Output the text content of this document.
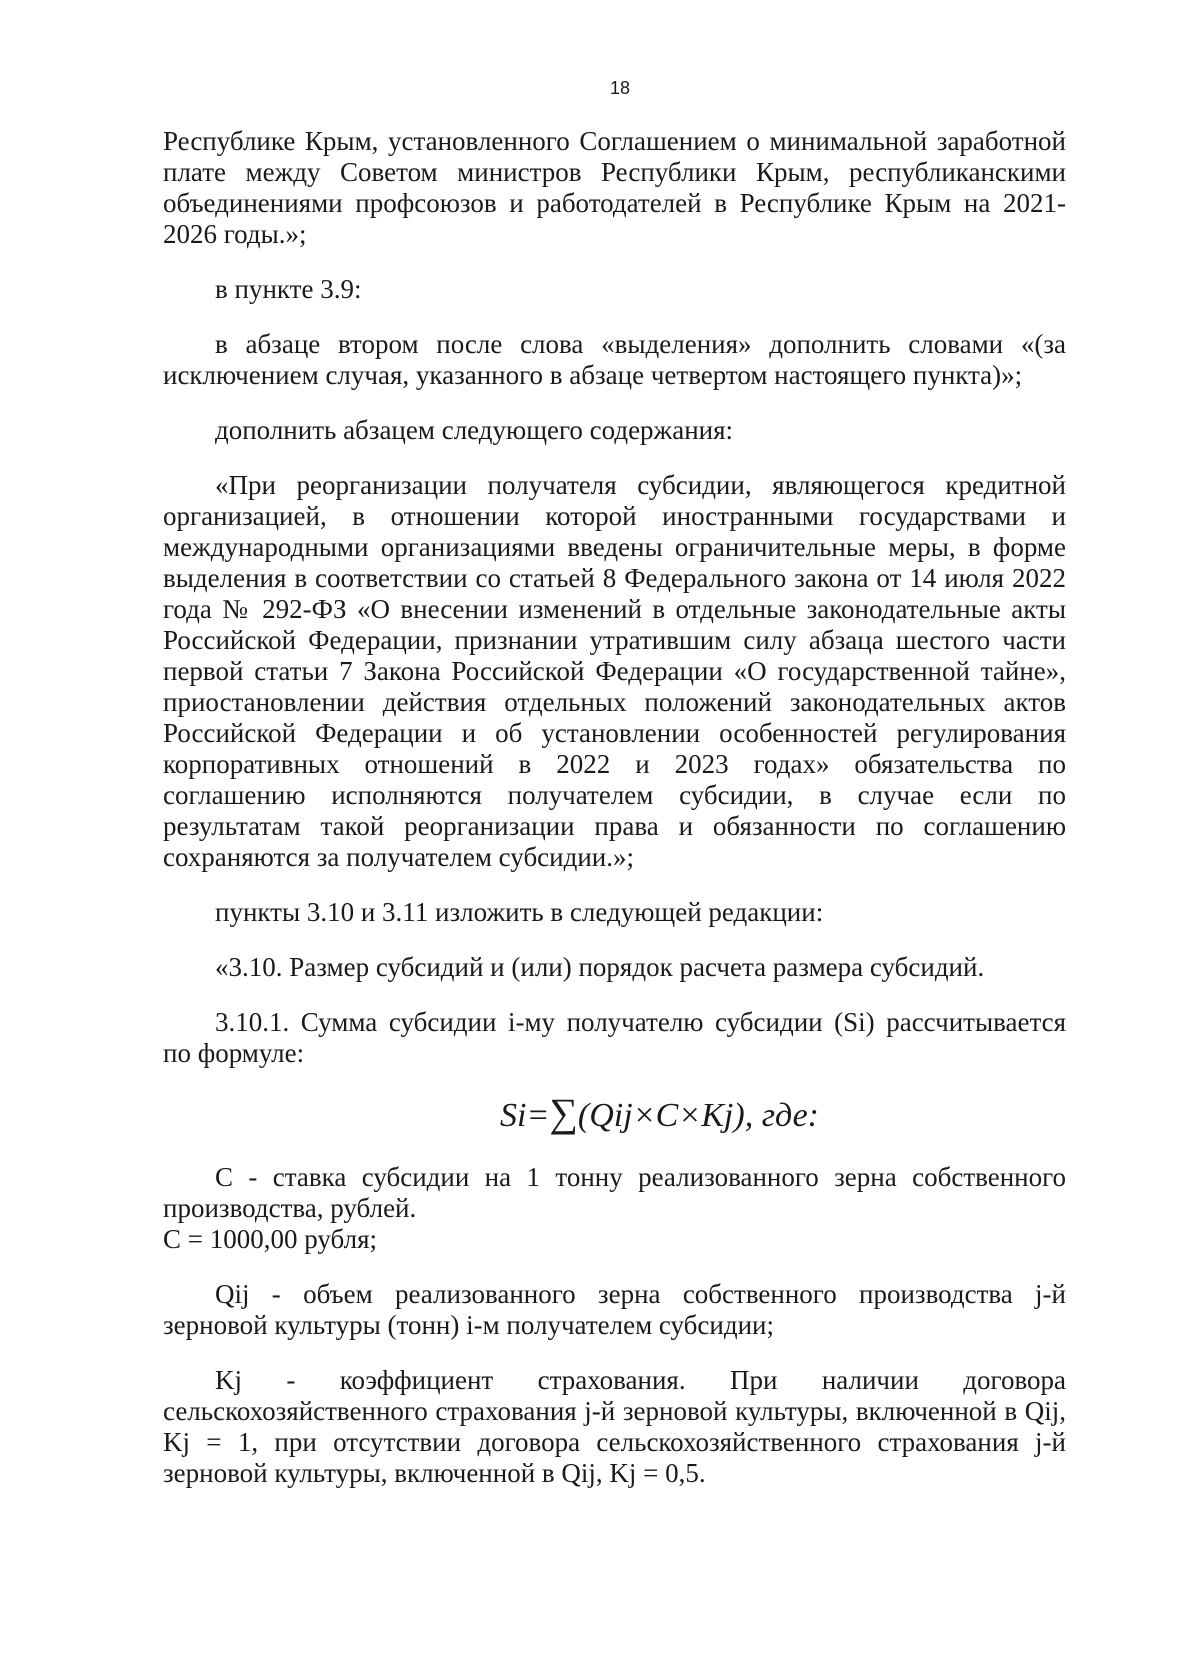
18

Республике Крым, установленного Соглашением о минимальной заработной плате между Советом министров Республики Крым, республиканскими объединениями профсоюзов и работодателей в Республике Крым на 2021-2026 годы.»;

в пункте 3.9:

в абзаце втором после слова «выделения» дополнить словами «(за исключением случая, указанного в абзаце четвертом настоящего пункта)»;

дополнить абзацем следующего содержания:

«При реорганизации получателя субсидии, являющегося кредитной организацией, в отношении которой иностранными государствами и международными организациями введены ограничительные меры, в форме выделения в соответствии со статьей 8 Федерального закона от 14 июля 2022 года № 292-ФЗ «О внесении изменений в отдельные законодательные акты Российской Федерации, признании утратившим силу абзаца шестого части первой статьи 7 Закона Российской Федерации «О государственной тайне», приостановлении действия отдельных положений законодательных актов Российской Федерации и об установлении особенностей регулирования корпоративных отношений в 2022 и 2023 годах» обязательства по соглашению исполняются получателем субсидии, в случае если по результатам такой реорганизации права и обязанности по соглашению сохраняются за получателем субсидии.»;

пункты 3.10 и 3.11 изложить в следующей редакции:

«3.10. Размер субсидий и (или) порядок расчета размера субсидий.

3.10.1. Сумма субсидии i-му получателю субсидии (Si) рассчитывается по формуле:

Si=∑(Qij×C×Kj), где:

С - ставка субсидии на 1 тонну реализованного зерна собственного производства, рублей.

С = 1000,00 рубля;

Qij - объем реализованного зерна собственного производства j-й зерновой культуры (тонн) i-м получателем субсидии;

Kj - коэффициент страхования. При наличии договора сельскохозяйственного страхования j-й зерновой культуры, включенной в Qij, Kj = 1, при отсутствии договора сельскохозяйственного страхования j-й зерновой культуры, включенной в Qij, Kj = 0,5.
